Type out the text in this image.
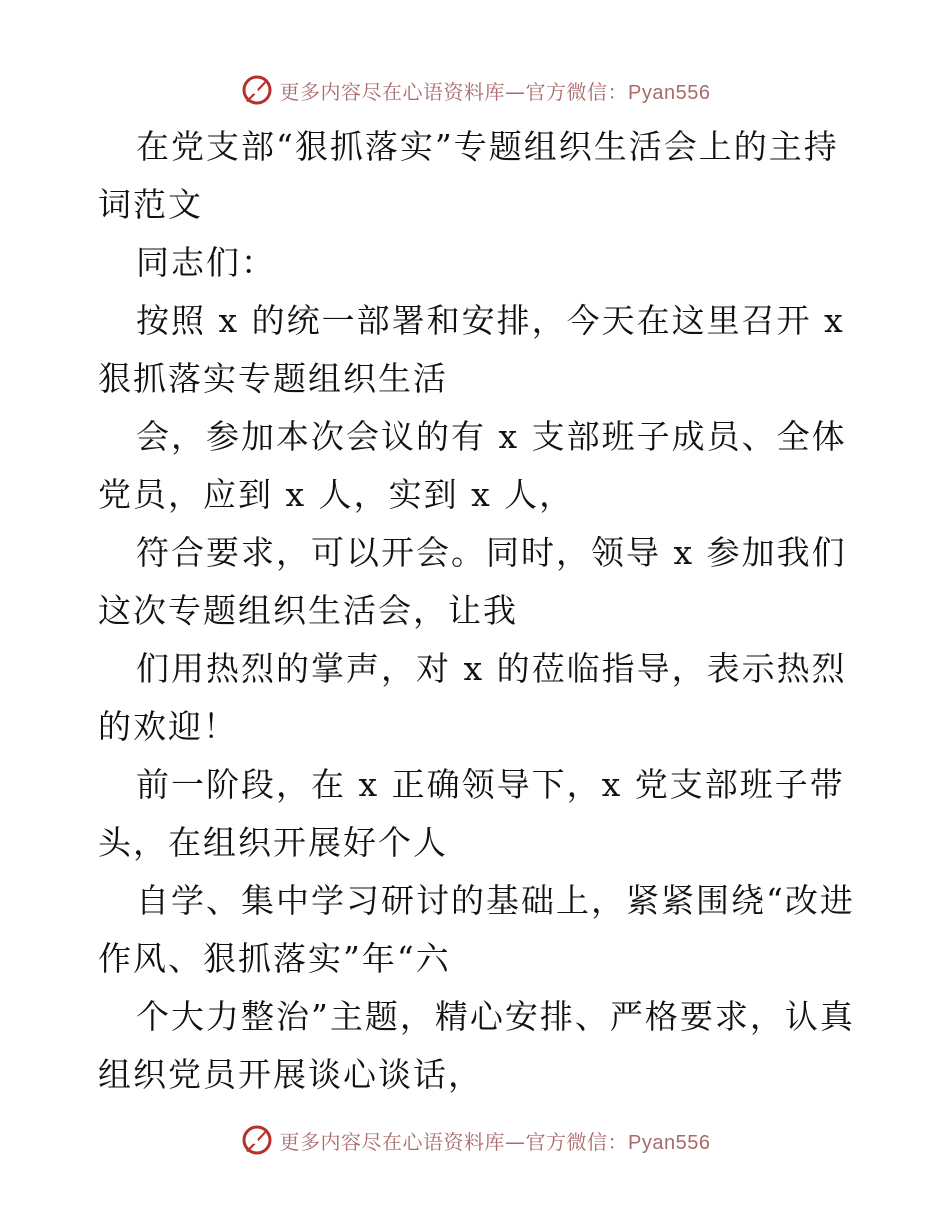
更多内容尽在心语资料库—官方微信：Pyan556
在党支部“狠抓落实”专题组织生活会上的主持
词范文
同志们：
按照 x 的统一部署和安排，今天在这里召开 x
狠抓落实专题组织生活
会，参加本次会议的有 x 支部班子成员、全体
党员，应到 x 人，实到 x 人，
符合要求，可以开会。同时，领导 x 参加我们
这次专题组织生活会，让我
们用热烈的掌声，对 x 的莅临指导，表示热烈
的欢迎！
前一阶段，在 x 正确领导下，x 党支部班子带
头，在组织开展好个人
自学、集中学习研讨的基础上，紧紧围绕“改进
作风、狠抓落实”年“六
个大力整治”主题，精心安排、严格要求，认真
组织党员开展谈心谈话，
更多内容尽在心语资料库—官方微信：Pyan556
